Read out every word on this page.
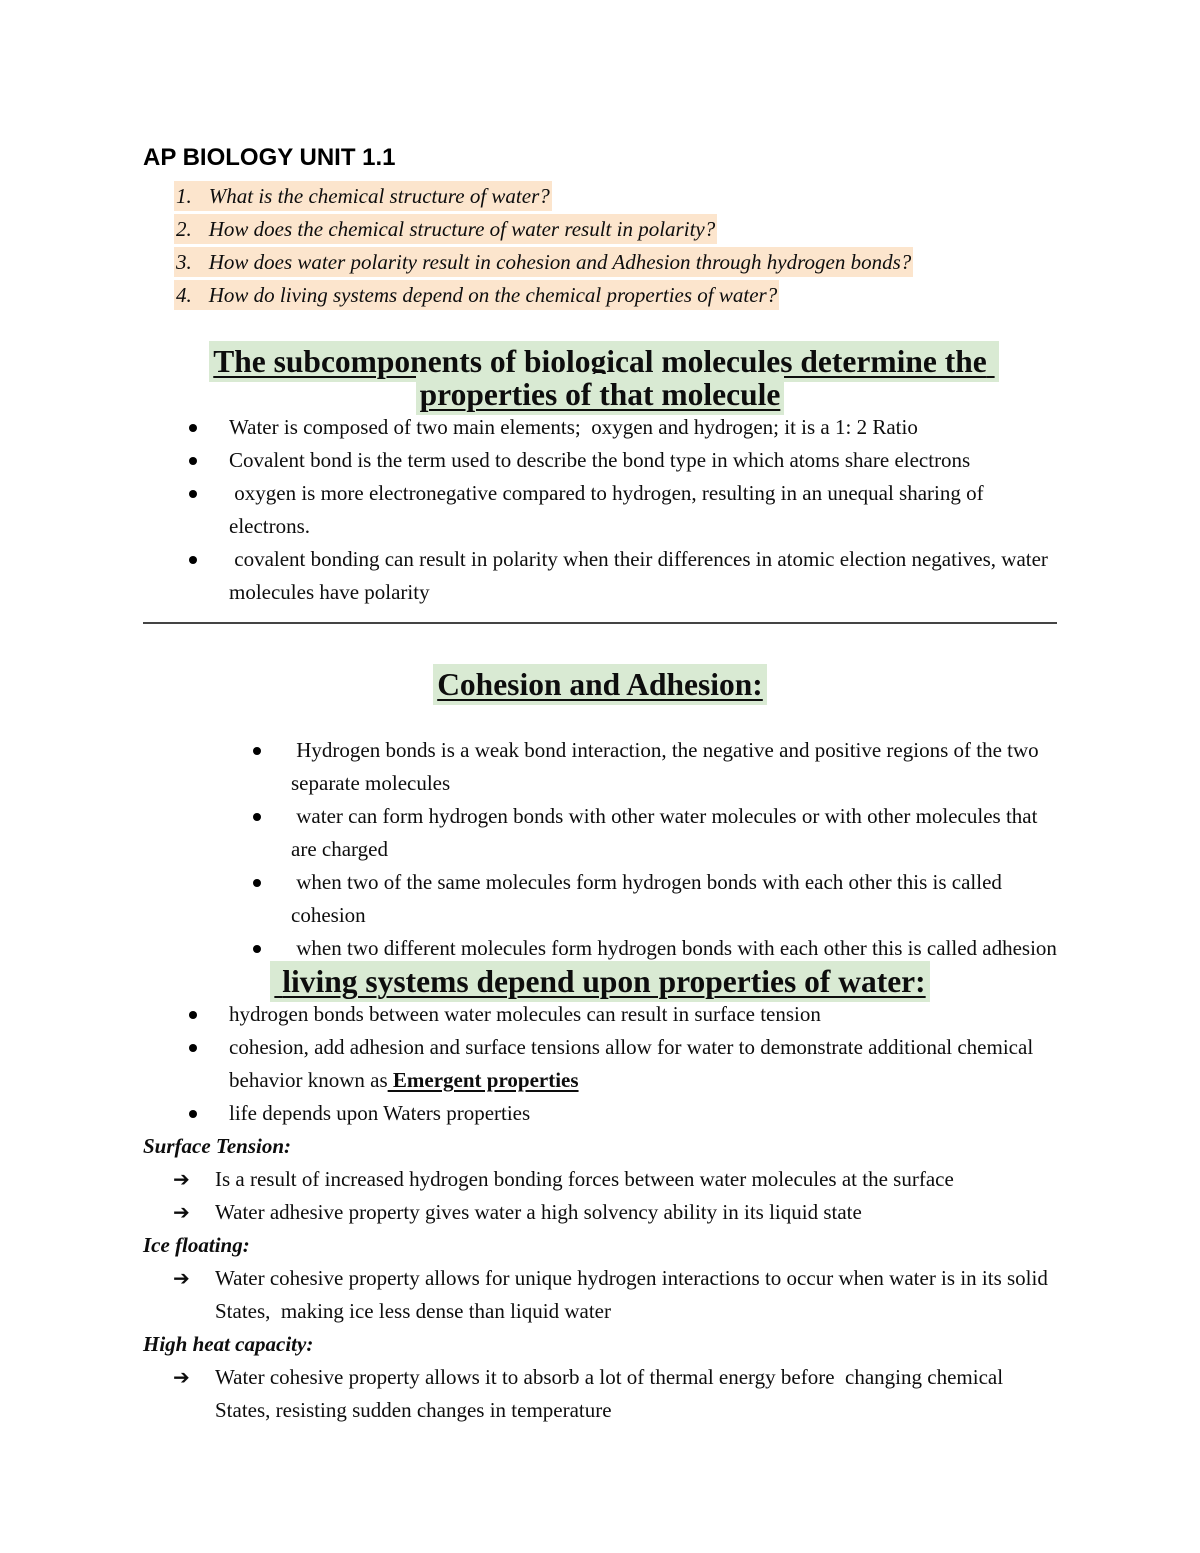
AP BIOLOGY UNIT 1.1
1. What is the chemical structure of water?
2. How does the chemical structure of water result in polarity?
3. How does water polarity result in cohesion and Adhesion through hydrogen bonds?
4. How do living systems depend on the chemical properties of water?
The subcomponents of biological molecules determine the properties of that molecule
Water is composed of two main elements;  oxygen and hydrogen; it is a 1: 2 Ratio
Covalent bond is the term used to describe the bond type in which atoms share electrons
oxygen is more electronegative compared to hydrogen, resulting in an unequal sharing of electrons.
covalent bonding can result in polarity when their differences in atomic election negatives, water molecules have polarity
Cohesion and Adhesion:
Hydrogen bonds is a weak bond interaction, the negative and positive regions of the two separate molecules
water can form hydrogen bonds with other water molecules or with other molecules that are charged
when two of the same molecules form hydrogen bonds with each other this is called cohesion
when two different molecules form hydrogen bonds with each other this is called adhesion
living systems depend upon properties of water:
hydrogen bonds between water molecules can result in surface tension
cohesion, add adhesion and surface tensions allow for water to demonstrate additional chemical behavior known as Emergent properties
life depends upon Waters properties

Surface Tension:

➔ Is a result of increased hydrogen bonding forces between water molecules at the surface
➔ Water adhesive property gives water a high solvency ability in its liquid state

Ice floating:

➔ Water cohesive property allows for unique hydrogen interactions to occur when water is in its solid States,  making ice less dense than liquid water

High heat capacity:

➔ Water cohesive property allows it to absorb a lot of thermal energy before  changing chemical States, resisting sudden changes in temperature
